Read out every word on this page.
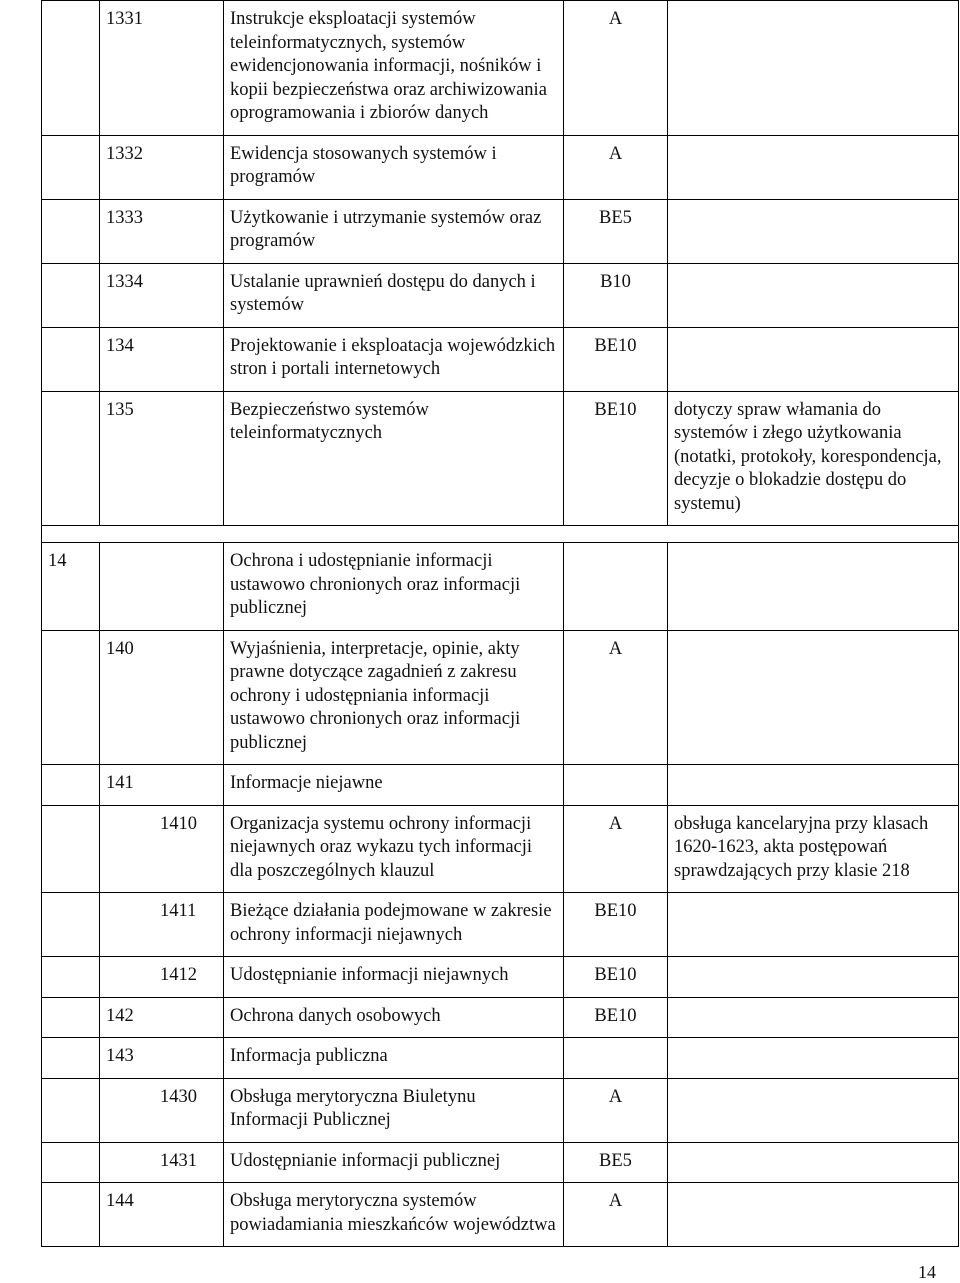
	1331	Instrukcje eksploatacji systemów teleinformatycznych, systemów ewidencjonowania informacji, nośników i kopii bezpieczeństwa oraz archiwizowania oprogramowania i zbiorów danych	A	
	1332	Ewidencja stosowanych systemów i programów	A	
	1333	Użytkowanie i utrzymanie systemów oraz programów	BE5	
	1334	Ustalanie uprawnień dostępu do danych i systemów	B10	
	134	Projektowanie i eksploatacja wojewódzkich stron i portali internetowych	BE10	
	135	Bezpieczeństwo systemów teleinformatycznych	BE10	dotyczy spraw włamania do systemów i złego użytkowania (notatki, protokoły, korespondencja, decyzje o blokadzie dostępu do systemu)

14		Ochrona i udostępnianie informacji ustawowo chronionych oraz informacji publicznej		
	140	Wyjaśnienia, interpretacje, opinie, akty prawne dotyczące zagadnień z zakresu ochrony i udostępniania informacji ustawowo chronionych oraz informacji publicznej	A	
	141	Informacje niejawne		
	1410	Organizacja systemu ochrony informacji niejawnych oraz wykazu tych informacji dla poszczególnych klauzul	A	obsługa kancelaryjna przy klasach 1620-1623, akta postępowań sprawdzających przy klasie 218
	1411	Bieżące działania podejmowane w zakresie ochrony informacji niejawnych	BE10	
	1412	Udostępnianie informacji niejawnych	BE10	
	142	Ochrona danych osobowych	BE10	
	143	Informacja publiczna		
	1430	Obsługa merytoryczna Biuletynu Informacji Publicznej	A	
	1431	Udostępnianie informacji publicznej	BE5	
	144	Obsługa merytoryczna systemów powiadamiania mieszkańców województwa	A	
14
